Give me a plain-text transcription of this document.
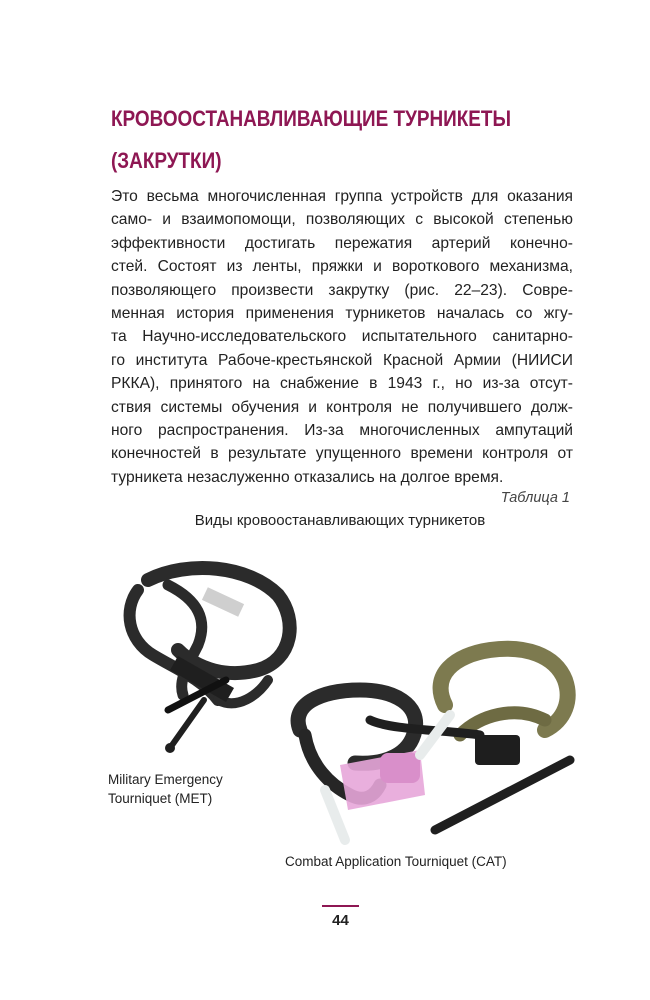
КРОВООСТАНАВЛИВАЮЩИЕ ТУРНИКЕТЫ
(ЗАКРУТКИ)
Это весьма многочисленная группа устройств для оказания
само- и взаимопомощи, позволяющих с высокой степенью
эффективности достигать пережатия артерий конечно-
стей. Состоят из ленты, пряжки и вороткового механизма,
позволяющего произвести закрутку (рис. 22–23). Совре-
менная история применения турникетов началась со жгу-
та Научно-исследовательского испытательного санитарно-
го института Рабоче-крестьянской Красной Армии (НИИСИ
РККА), принятого на снабжение в 1943 г., но из-за отсут-
ствия системы обучения и контроля не получившего долж-
ного распространения. Из-за многочисленных ампутаций
конечностей в результате упущенного времени контроля от
турникета незаслуженно отказались на долгое время.
Таблица 1
Виды кровоостанавливающих турникетов
Military Emergency
Tourniquet (MET)
Combat Application Tourniquet (CAT)
44
